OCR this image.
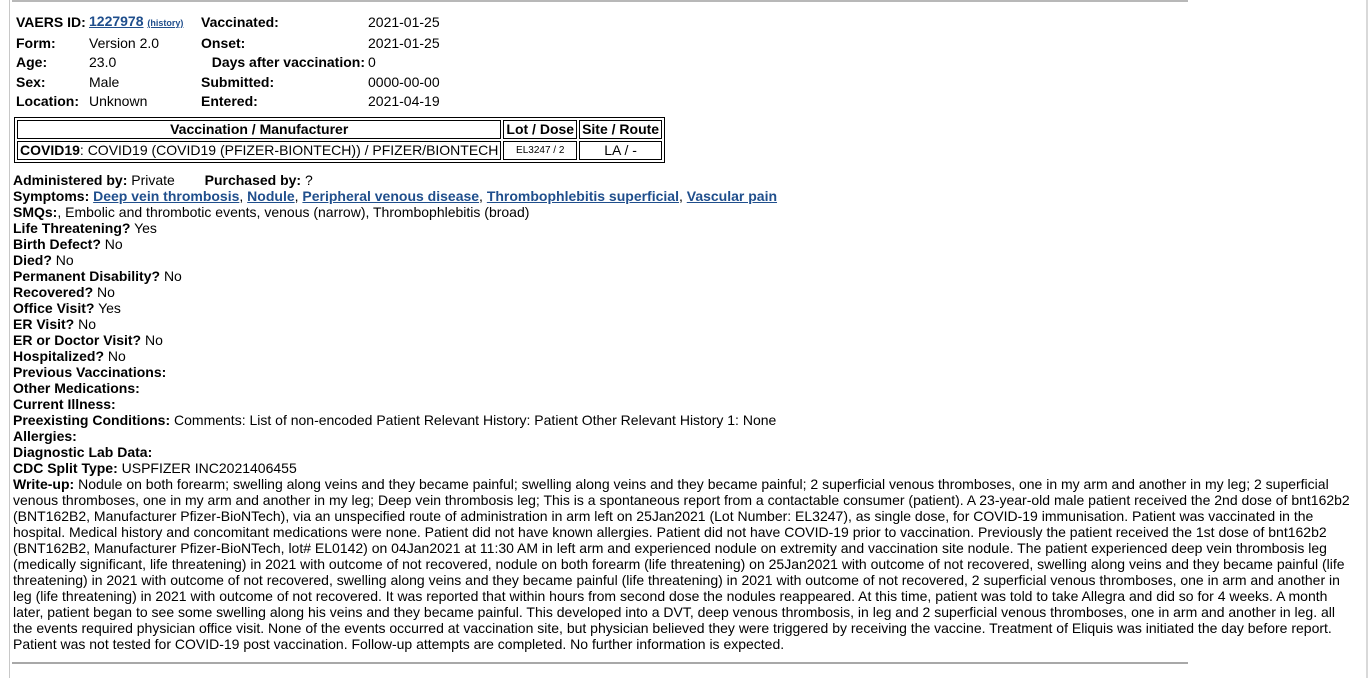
VAERS ID:	1227978 (history)	Vaccinated:	2021-01-25
Form:	Version 2.0	Onset:	2021-01-25
Age:	23.0	Days after vaccination:	0
Sex:	Male	Submitted:	0000-00-00
Location:	Unknown	Entered:	2021-04-19
Vaccination / Manufacturer	Lot / Dose	Site / Route
COVID19: COVID19 (COVID19 (PFIZER-BIONTECH)) / PFIZER/BIONTECH	EL3247 / 2	LA / -
Administered by: Private Purchased by: ?
Symptoms: Deep vein thrombosis, Nodule, Peripheral venous disease, Thrombophlebitis superficial, Vascular pain
SMQs:, Embolic and thrombotic events, venous (narrow), Thrombophlebitis (broad)
Life Threatening? Yes
Birth Defect? No
Died? No
Permanent Disability? No
Recovered? No
Office Visit? Yes
ER Visit? No
ER or Doctor Visit? No
Hospitalized? No
Previous Vaccinations:
Other Medications:
Current Illness:
Preexisting Conditions: Comments: List of non-encoded Patient Relevant History: Patient Other Relevant History 1: None
Allergies:
Diagnostic Lab Data:
CDC Split Type: USPFIZER INC2021406455
Write-up: Nodule on both forearm; swelling along veins and they became painful; swelling along veins and they became painful; 2 superficial venous thromboses, one in my arm and another in my leg; 2 superficial venous thromboses, one in my arm and another in my leg; Deep vein thrombosis leg; This is a spontaneous report from a contactable consumer (patient). A 23-year-old male patient received the 2nd dose of bnt162b2 (BNT162B2, Manufacturer Pfizer-BioNTech), via an unspecified route of administration in arm left on 25Jan2021 (Lot Number: EL3247), as single dose, for COVID-19 immunisation. Patient was vaccinated in the hospital. Medical history and concomitant medications were none. Patient did not have known allergies. Patient did not have COVID-19 prior to vaccination. Previously the patient received the 1st dose of bnt162b2 (BNT162B2, Manufacturer Pfizer-BioNTech, lot# EL0142) on 04Jan2021 at 11:30 AM in left arm and experienced nodule on extremity and vaccination site nodule. The patient experienced deep vein thrombosis leg (medically significant, life threatening) in 2021 with outcome of not recovered, nodule on both forearm (life threatening) on 25Jan2021 with outcome of not recovered, swelling along veins and they became painful (life threatening) in 2021 with outcome of not recovered, swelling along veins and they became painful (life threatening) in 2021 with outcome of not recovered, 2 superficial venous thromboses, one in arm and another in leg (life threatening) in 2021 with outcome of not recovered. It was reported that within hours from second dose the nodules reappeared. At this time, patient was told to take Allegra and did so for 4 weeks. A month later, patient began to see some swelling along his veins and they became painful. This developed into a DVT, deep venous thrombosis, in leg and 2 superficial venous thromboses, one in arm and another in leg. all the events required physician office visit. None of the events occurred at vaccination site, but physician believed they were triggered by receiving the vaccine. Treatment of Eliquis was initiated the day before report. Patient was not tested for COVID-19 post vaccination. Follow-up attempts are completed. No further information is expected.
